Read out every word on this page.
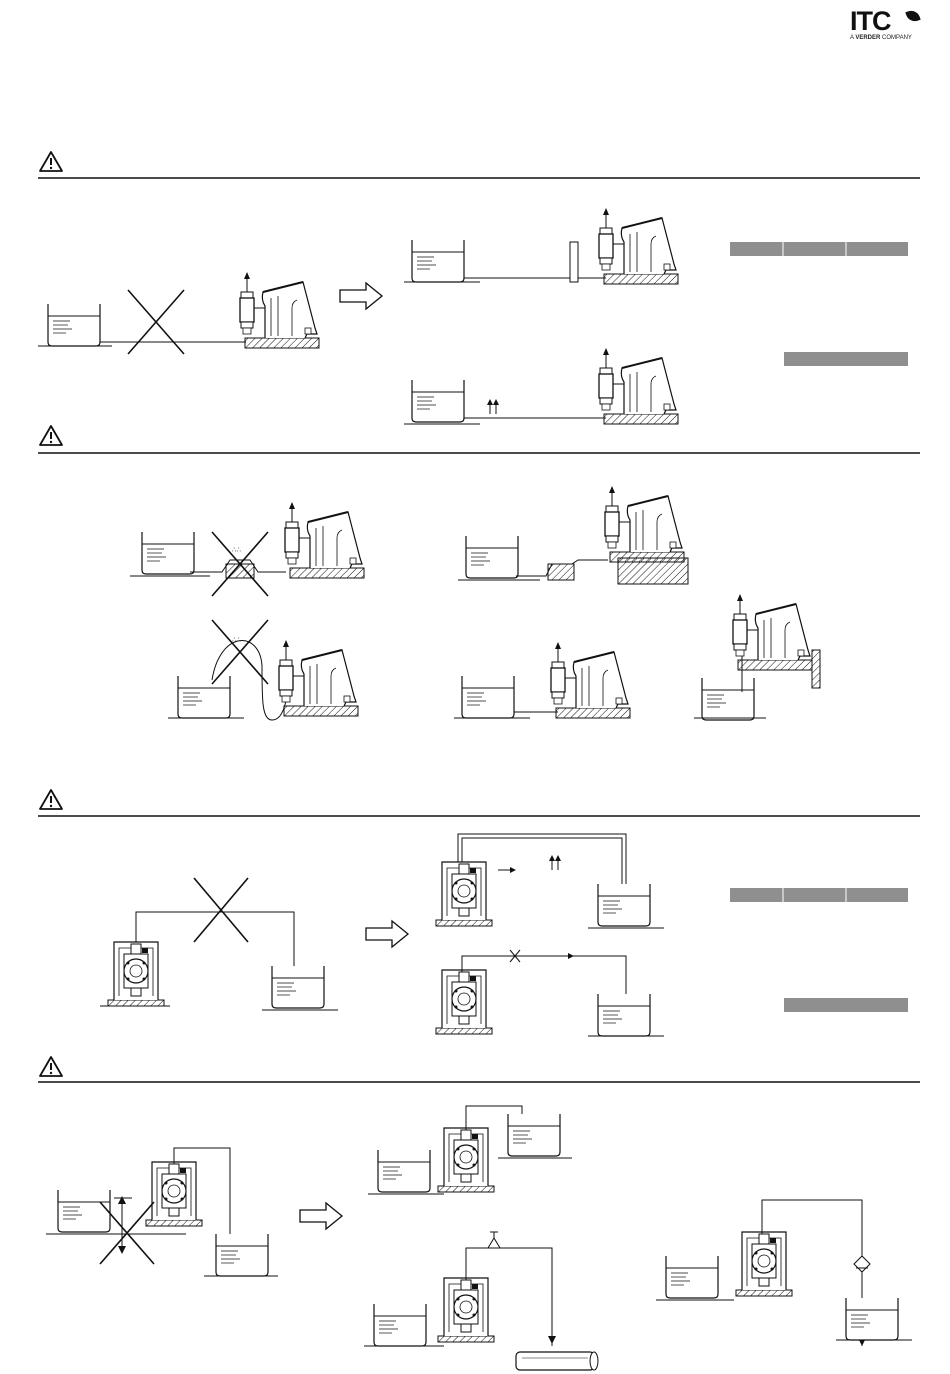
ITC
A VERDER COMPANY
∴∴
∴∴
